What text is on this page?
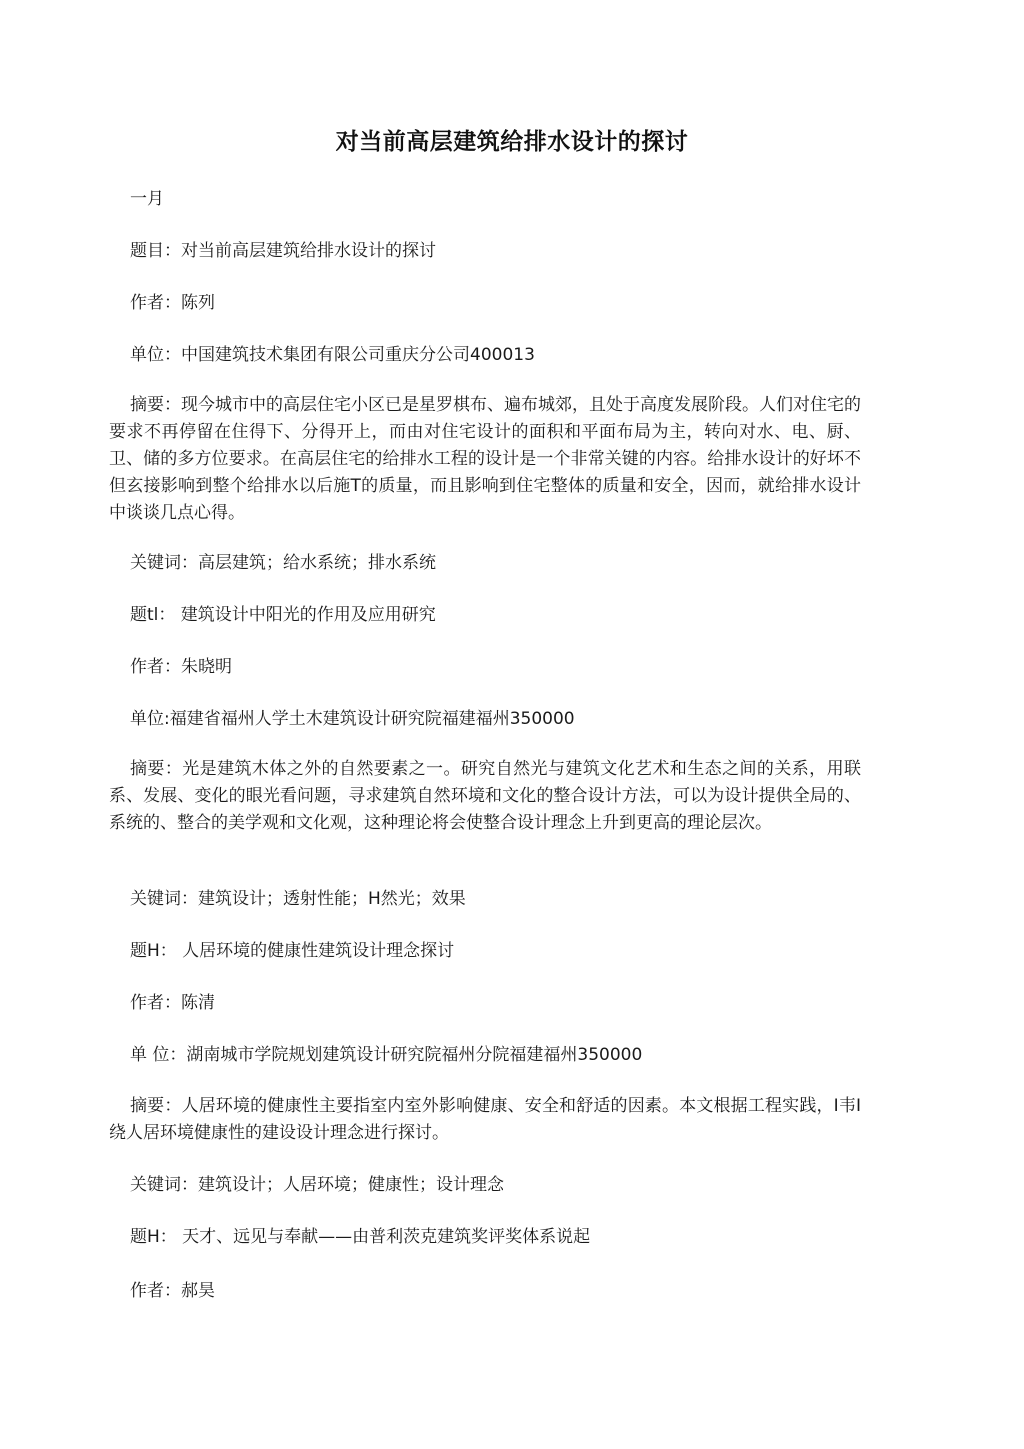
对当前高层建筑给排水设计的探讨
一月
题目：对当前高层建筑给排水设计的探讨
作者：陈列
单位：中国建筑技术集团有限公司重庆分公司400013
摘要：现今城市中的高层住宅小区已是星罗棋布、遍布城郊，且处于高度发展阶段。人们对住宅的要求不再停留在住得下、分得开上，而由对住宅设计的面积和平面布局为主，转向对水、电、厨、卫、储的多方位要求。在高层住宅的给排水工程的设计是一个非常关键的内容。给排水设计的好坏不但玄接影响到整个给排水以后施T的质量，而且影响到住宅整体的质量和安全，因而，就给排水设计中谈谈几点心得。
关键词：高层建筑；给水系统；排水系统
题tl： 建筑设计中阳光的作用及应用研究
作者：朱晓明
单位:福建省福州人学土木建筑设计研究院福建福州350000
摘要：光是建筑木体之外的自然要素之一。研究自然光与建筑文化艺术和生态之间的关系，用联系、发展、变化的眼光看问题，寻求建筑自然环境和文化的整合设计方法，可以为设计提供全局的、系统的、整合的美学观和文化观，这种理论将会使整合设计理念上升到更高的理论层次。
关键词：建筑设计；透射性能；H然光；效果
题H： 人居环境的健康性建筑设计理念探讨
作者：陈清
单 位：湖南城市学院规划建筑设计研究院福州分院福建福州350000
摘要：人居环境的健康性主要指室内室外影响健康、安全和舒适的因素。本文根据工程实践，I韦I绕人居环境健康性的建设设计理念进行探讨。
关键词：建筑设计；人居环境；健康性；设计理念
题H： 天才、远见与奉献——由普利茨克建筑奖评奖体系说起
作者：郝昊
